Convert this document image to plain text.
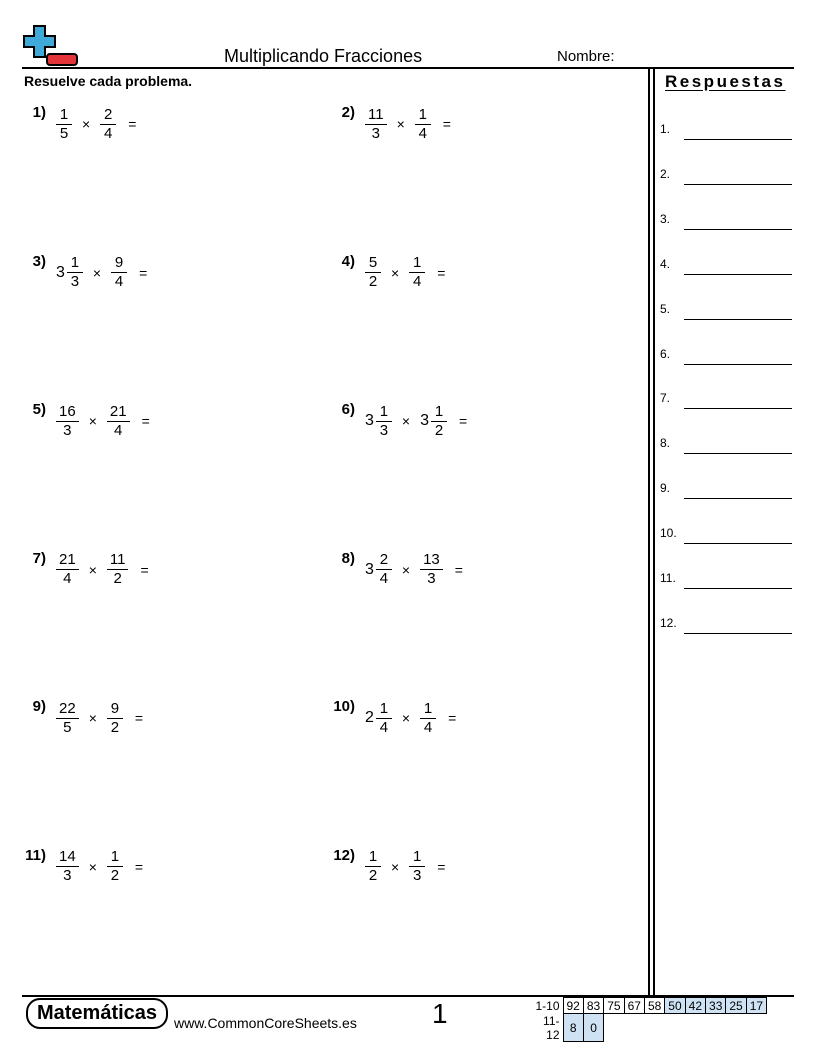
Multiplicando Fracciones	Nombre:
Resuelve cada problema.	Respuestas
1.
2.
3.
4.
5.
6.
7.
8.
9.
10.
11.
12.
$1) \frac{1}{5} \times \frac{2}{4}$ =
$2) \frac{11}{3} \times \frac{1}{4}$ =
3)
$3 \frac{1}{3} \times \frac{9}{4}$ =
$4) \frac{5}{2} \times \frac{1}{4}$ =
$5) \frac{16}{3} \times \frac{21}{4}$ =
6)
$3 \frac{1}{3} \times 3 \frac{1}{2}$ =
$7) \frac{21}{4} \times \frac{11}{2}$ =
8)
$3 \frac{2}{4} \times \frac{13}{3}$ =
$9) \frac{22}{5} \times \frac{9}{2}$ =
10)
$2 \frac{1}{4} \times \frac{1}{4}$ =
$11) \frac{14}{3} \times \frac{1}{2}$ =
$12) \frac{1}{2} \times \frac{1}{3}$ =
Matemáticas	www.CommonCoreSheets.es	1	1-10	92	83	75	67	58	50	42	33	25	17
11-12	8	0								
